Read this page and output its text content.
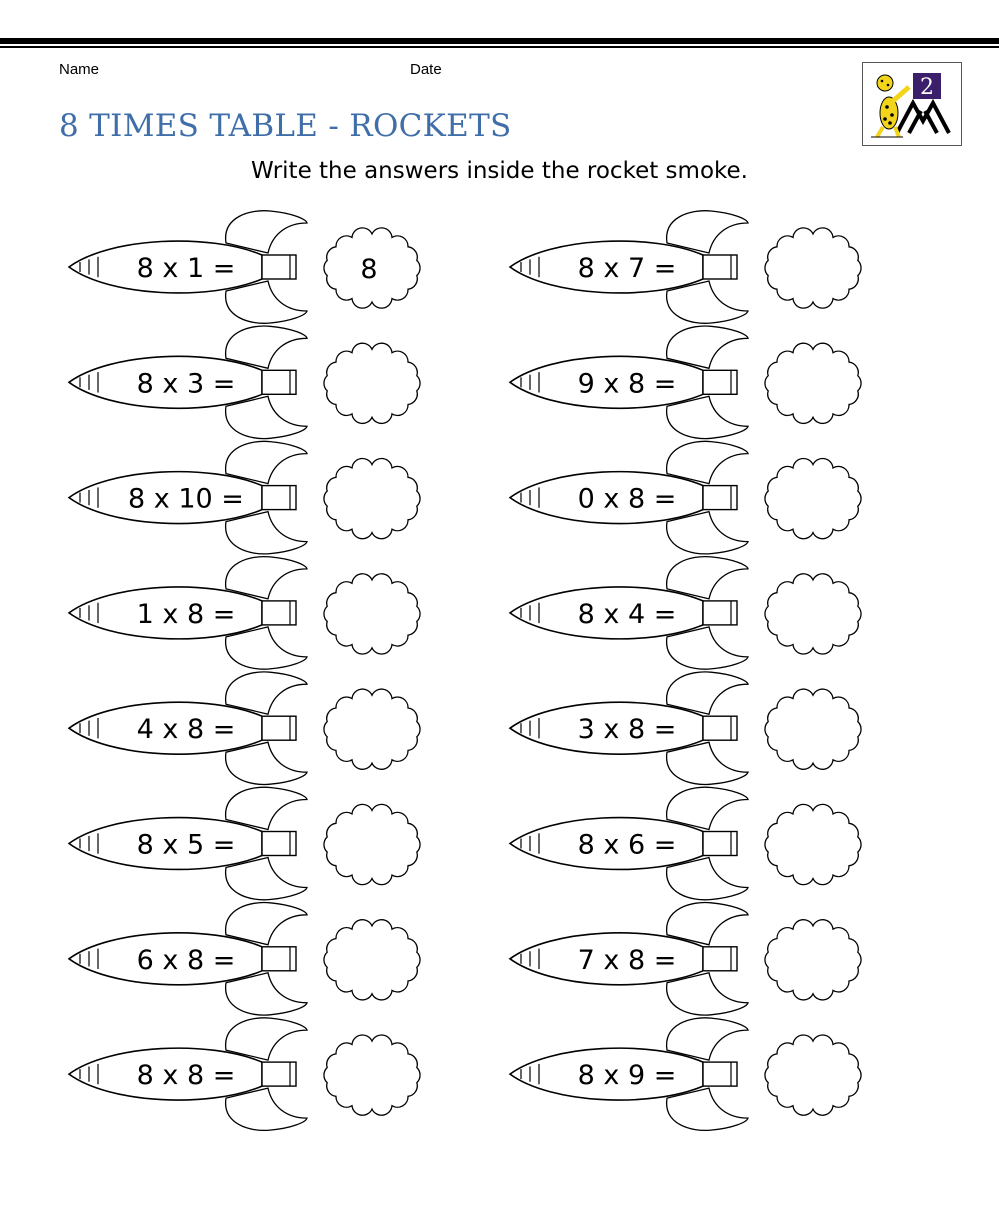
Name	Date
8 TIMES TABLE - ROCKETS
Write the answers inside the rocket smoke.
2
8 x 1 =	8
8 x 3 =
8 x 10 =
1 x 8 =
4 x 8 =
8 x 5 =
6 x 8 =
8 x 8 =
8 x 7 =
9 x 8 =
0 x 8 =
8 x 4 =
3 x 8 =
8 x 6 =
7 x 8 =
8 x 9 =
